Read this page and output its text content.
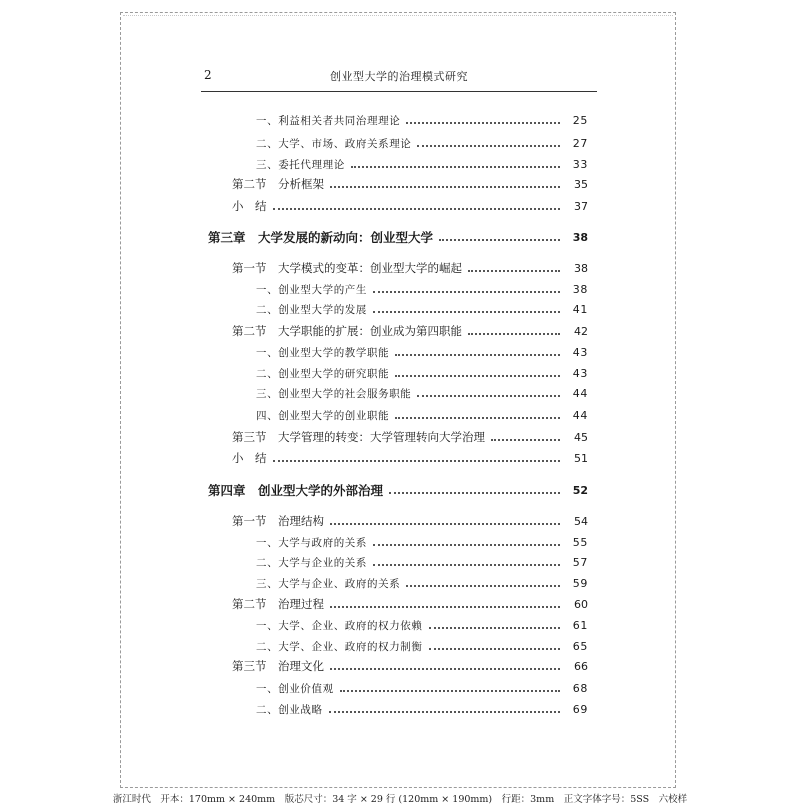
2	创业型大学的治理模式研究
一、利益相关者共同治理理论	25
二、大学、市场、政府关系理论	27
三、委托代理理论	33
第二节　分析框架	35
小　结	37
第三章　大学发展的新动向：创业型大学	38
第一节　大学模式的变革：创业型大学的崛起	38
一、创业型大学的产生	38
二、创业型大学的发展	41
第二节　大学职能的扩展：创业成为第四职能	42
一、创业型大学的教学职能	43
二、创业型大学的研究职能	43
三、创业型大学的社会服务职能	44
四、创业型大学的创业职能	44
第三节　大学管理的转变：大学管理转向大学治理	45
小　结	51
第四章　创业型大学的外部治理	52
第一节　治理结构	54
一、大学与政府的关系	55
二、大学与企业的关系	57
三、大学与企业、政府的关系	59
第二节　治理过程	60
一、大学、企业、政府的权力依赖	61
二、大学、企业、政府的权力制衡	65
第三节　治理文化	66
一、创业价值观	68
二、创业战略	69
浙江时代　开本：170mm × 240mm　版芯尺寸：34 字 × 29 行 (120mm × 190mm)　行距：3mm　正文字体字号：5SS　六校样
